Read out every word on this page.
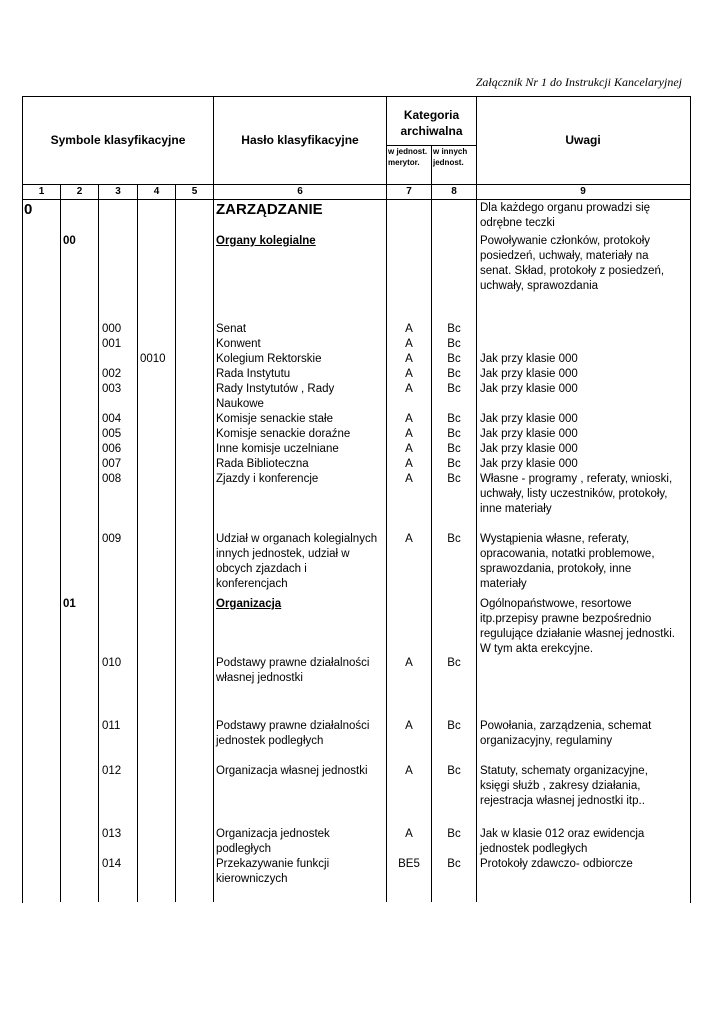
Załącznik Nr 1 do Instrukcji Kancelaryjnej
Symbole klasyfikacyjne	Hasło klasyfikacyjne
Kategoria
archiwalna
Uwagi
w jednost.
merytor.
w innych
jednost.
1	2	3	4	5	6	7	8	9
0	ZARZĄDZANIE	Dla każdego organu prowadzi się
odrębne teczki
00	Organy kolegialne	Powoływanie członków, protokoły
posiedzeń, uchwały, materiały na
senat. Skład, protokoły z posiedzeń,
uchwały, sprawozdania
000	Senat	A	Bc
001	Konwent	A	Bc
0010	Kolegium Rektorskie	A	Bc	Jak przy klasie 000
002	Rada Instytutu	A	Bc	Jak przy klasie 000
003	Rady Instytutów , Rady
Naukowe
A	Bc	Jak przy klasie 000
004	Komisje senackie stałe	A	Bc	Jak przy klasie 000
005	Komisje senackie doraźne	A	Bc	Jak przy klasie 000
006	Inne komisje uczelniane	A	Bc	Jak przy klasie 000
007	Rada Biblioteczna	A	Bc	Jak przy klasie 000
008	Zjazdy i konferencje	A	Bc	Własne - programy , referaty, wnioski,
uchwały, listy uczestników, protokoły,
inne materiały
009	Udział w organach kolegialnych
innych jednostek, udział w
obcych zjazdach i
konferencjach
A	Bc	Wystąpienia własne, referaty,
opracowania, notatki problemowe,
sprawozdania, protokoły, inne
materiały
01	Organizacja	Ogólnopaństwowe, resortowe
itp.przepisy prawne bezpośrednio
regulujące działanie własnej jednostki.
W tym akta erekcyjne.
010	Podstawy prawne działalności
własnej jednostki
A	Bc
011	Podstawy prawne działalności
jednostek podległych
A	Bc	Powołania, zarządzenia, schemat
organizacyjny, regulaminy
012	Organizacja własnej jednostki	A	Bc	Statuty, schematy organizacyjne,
księgi służb , zakresy działania,
rejestracja własnej jednostki itp..
013	Organizacja jednostek
podległych
A	Bc	Jak w klasie 012 oraz ewidencja
jednostek podległych
014	Przekazywanie funkcji
kierowniczych
BE5	Bc	Protokoły zdawczo- odbiorcze
